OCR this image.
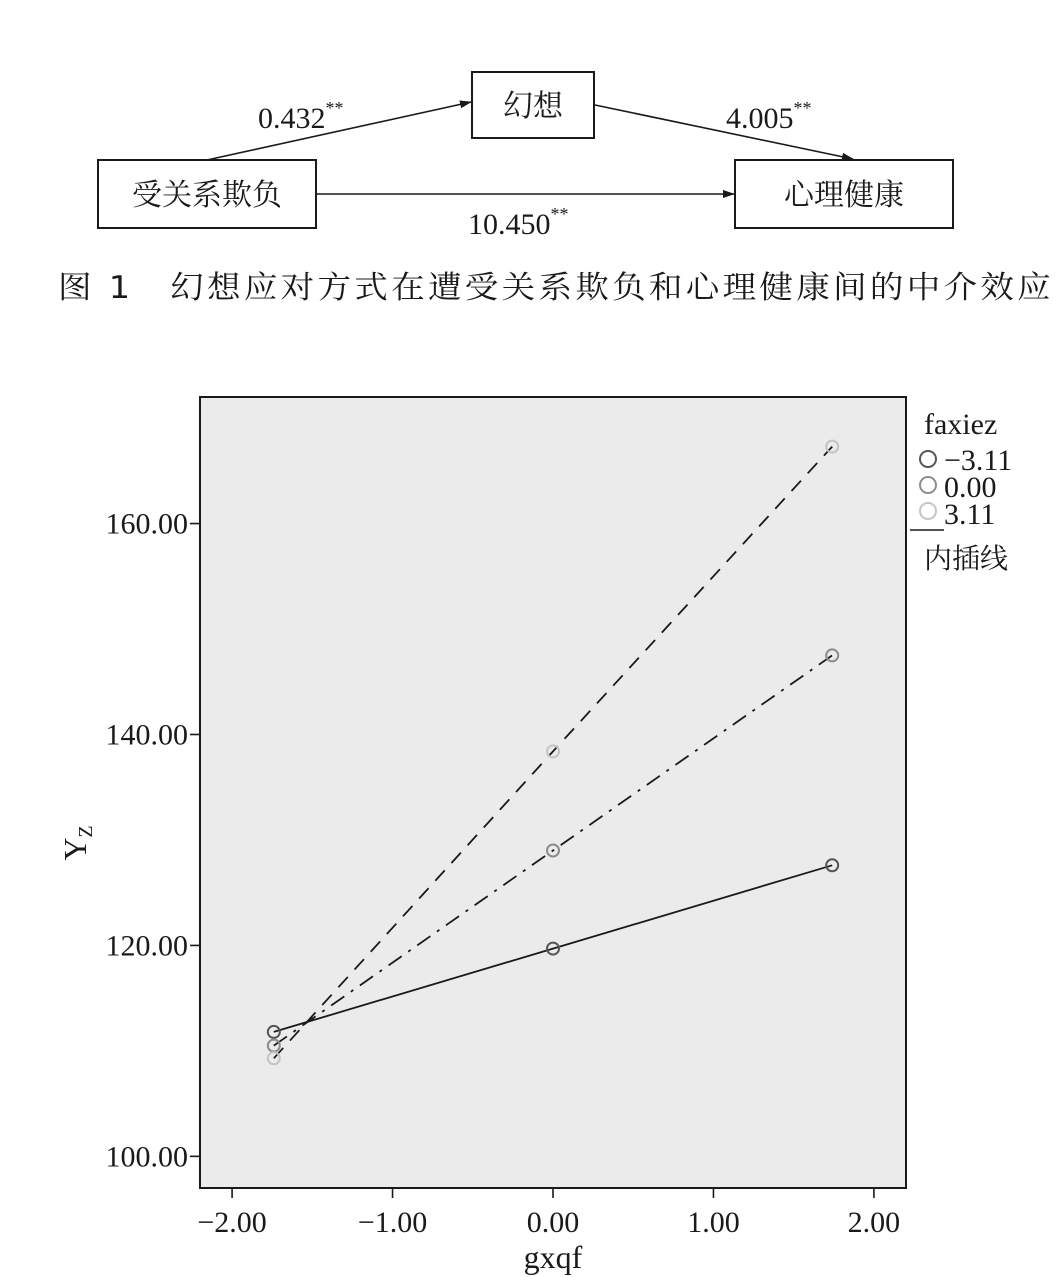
受关系欺负
幻想
心理健康
0.432**	4.005**
10.450**
图 1　幻想应对方式在遭受关系欺负和心理健康间的中介效应
−2.00	−1.00	0.00	1.00	2.00
100.00
120.00
140.00
160.00
YZ
gxqf
faxiez
−3.11
0.00
3.11
内插线
